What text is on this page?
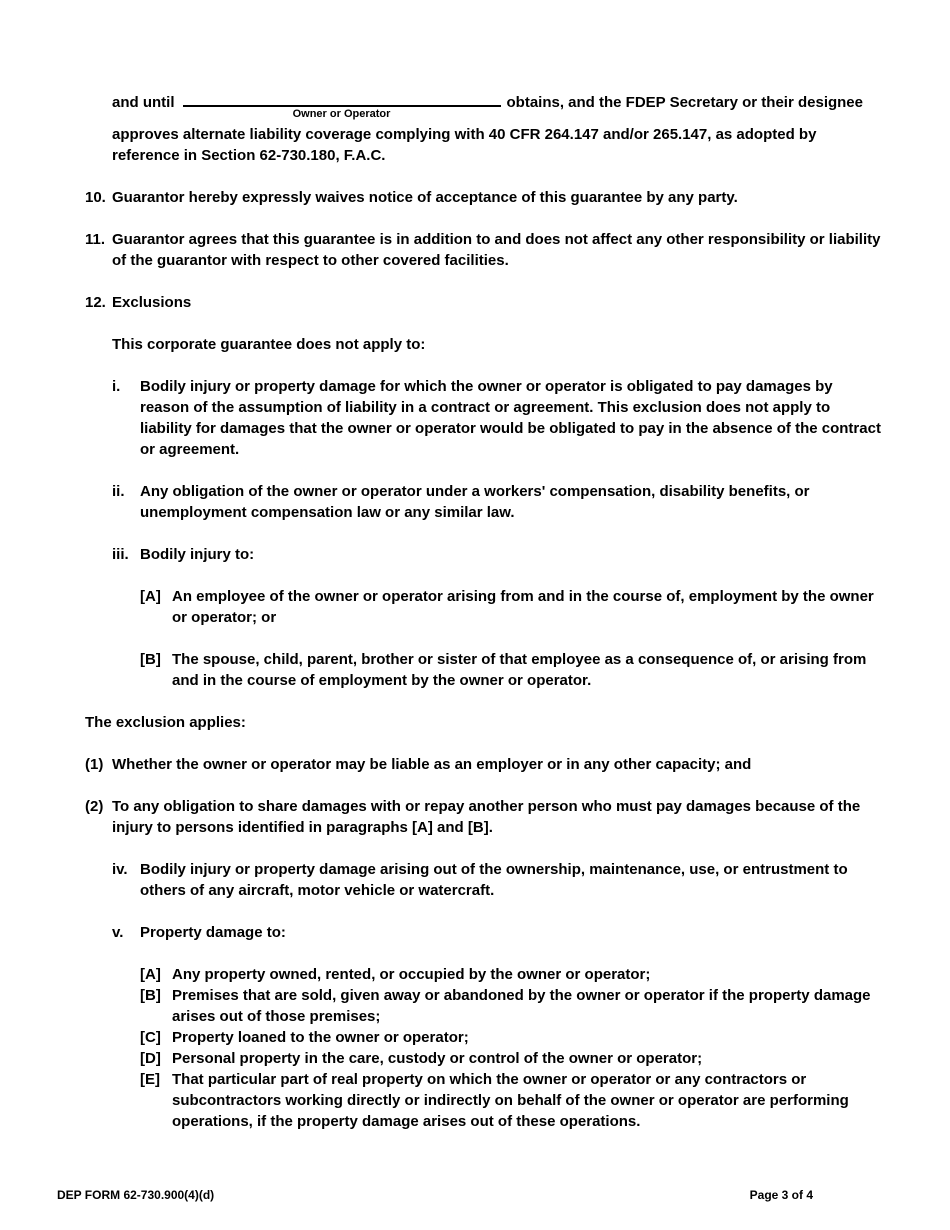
and until
Owner or Operator
obtains, and the FDEP Secretary or their designee
approves alternate liability coverage complying with 40 CFR 264.147 and/or 265.147, as adopted by reference in Section 62-730.180, F.A.C.
10. Guarantor hereby expressly waives notice of acceptance of this guarantee by any party.
11. Guarantor agrees that this guarantee is in addition to and does not affect any other responsibility or liability of the guarantor with respect to other covered facilities.
12. Exclusions
This corporate guarantee does not apply to:
i.	Bodily injury or property damage for which the owner or operator is obligated to pay damages by reason of the assumption of liability in a contract or agreement. This exclusion does not apply to liability for damages that the owner or operator would be obligated to pay in the absence of the contract or agreement.
ii.	Any obligation of the owner or operator under a workers' compensation, disability benefits, or unemployment compensation law or any similar law.
iii. Bodily injury to:
[A] An employee of the owner or operator arising from and in the course of, employment by the owner or operator; or
[B] The spouse, child, parent, brother or sister of that employee as a consequence of, or arising from and in the course of employment by the owner or operator.
The exclusion applies:
(1) Whether the owner or operator may be liable as an employer or in any other capacity; and
(2) To any obligation to share damages with or repay another person who must pay damages because of the injury to persons identified in paragraphs [A] and [B].
iv. Bodily injury or property damage arising out of the ownership, maintenance, use, or entrustment to others of any aircraft, motor vehicle or watercraft.
v.	Property damage to:
[A] Any property owned, rented, or occupied by the owner or operator;
[B] Premises that are sold, given away or abandoned by the owner or operator if the property damage arises out of those premises;
[C] Property loaned to the owner or operator;
[D] Personal property in the care, custody or control of the owner or operator;
[E] That particular part of real property on which the owner or operator or any contractors or subcontractors working directly or indirectly on behalf of the owner or operator are performing operations, if the property damage arises out of these operations.
DEP FORM 62-730.900(4)(d)	Page 3 of 4
